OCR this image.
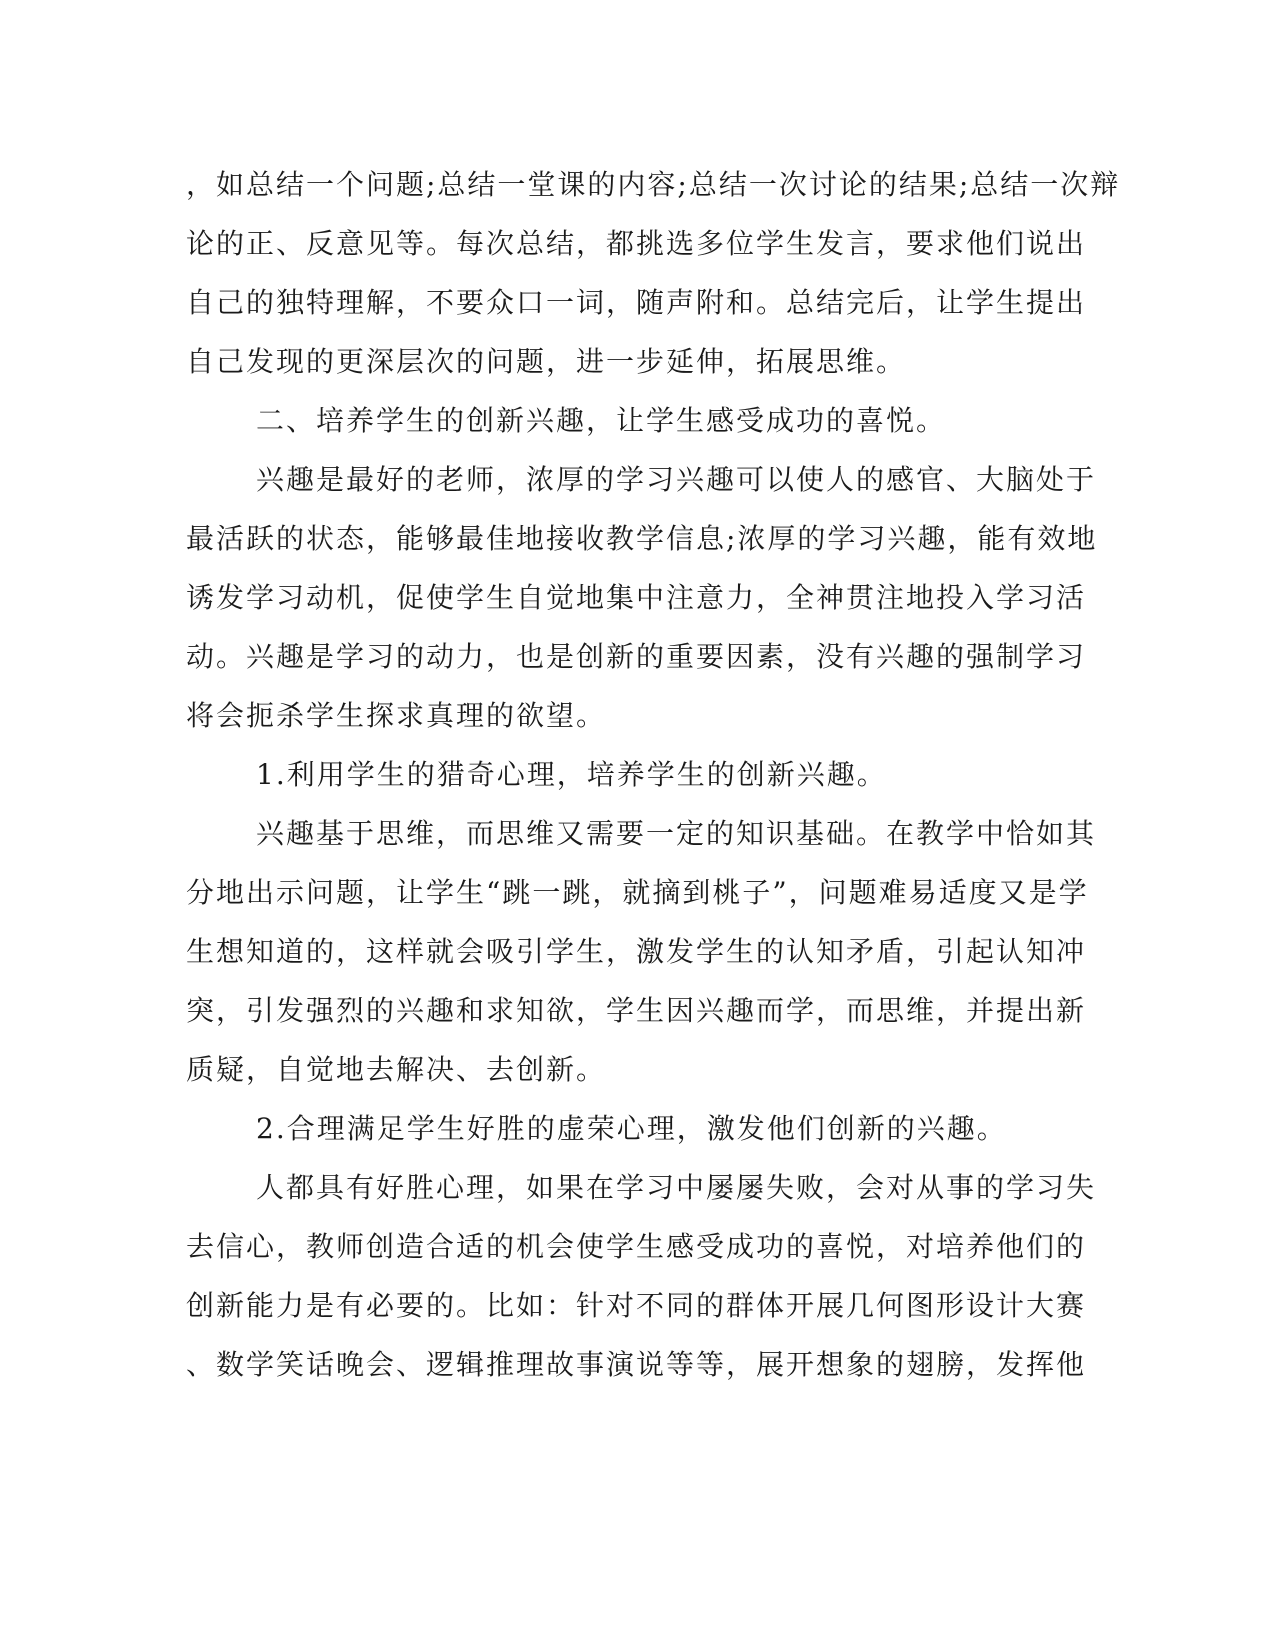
，如总结一个问题;总结一堂课的内容;总结一次讨论的结果;总结一次辩

论的正、反意见等。每次总结，都挑选多位学生发言，要求他们说出

自己的独特理解，不要众口一词，随声附和。总结完后，让学生提出

自己发现的更深层次的问题，进一步延伸，拓展思维。

二、培养学生的创新兴趣，让学生感受成功的喜悦。

兴趣是最好的老师，浓厚的学习兴趣可以使人的感官、大脑处于

最活跃的状态，能够最佳地接收教学信息;浓厚的学习兴趣，能有效地

诱发学习动机，促使学生自觉地集中注意力，全神贯注地投入学习活

动。兴趣是学习的动力，也是创新的重要因素，没有兴趣的强制学习

将会扼杀学生探求真理的欲望。

1.利用学生的猎奇心理，培养学生的创新兴趣。

兴趣基于思维，而思维又需要一定的知识基础。在教学中恰如其

分地出示问题，让学生“跳一跳，就摘到桃子”，问题难易适度又是学

生想知道的，这样就会吸引学生，激发学生的认知矛盾，引起认知冲

突，引发强烈的兴趣和求知欲，学生因兴趣而学，而思维，并提出新

质疑，自觉地去解决、去创新。

2.合理满足学生好胜的虚荣心理，激发他们创新的兴趣。

人都具有好胜心理，如果在学习中屡屡失败，会对从事的学习失

去信心，教师创造合适的机会使学生感受成功的喜悦，对培养他们的

创新能力是有必要的。比如：针对不同的群体开展几何图形设计大赛

、数学笑话晚会、逻辑推理故事演说等等，展开想象的翅膀，发挥他
